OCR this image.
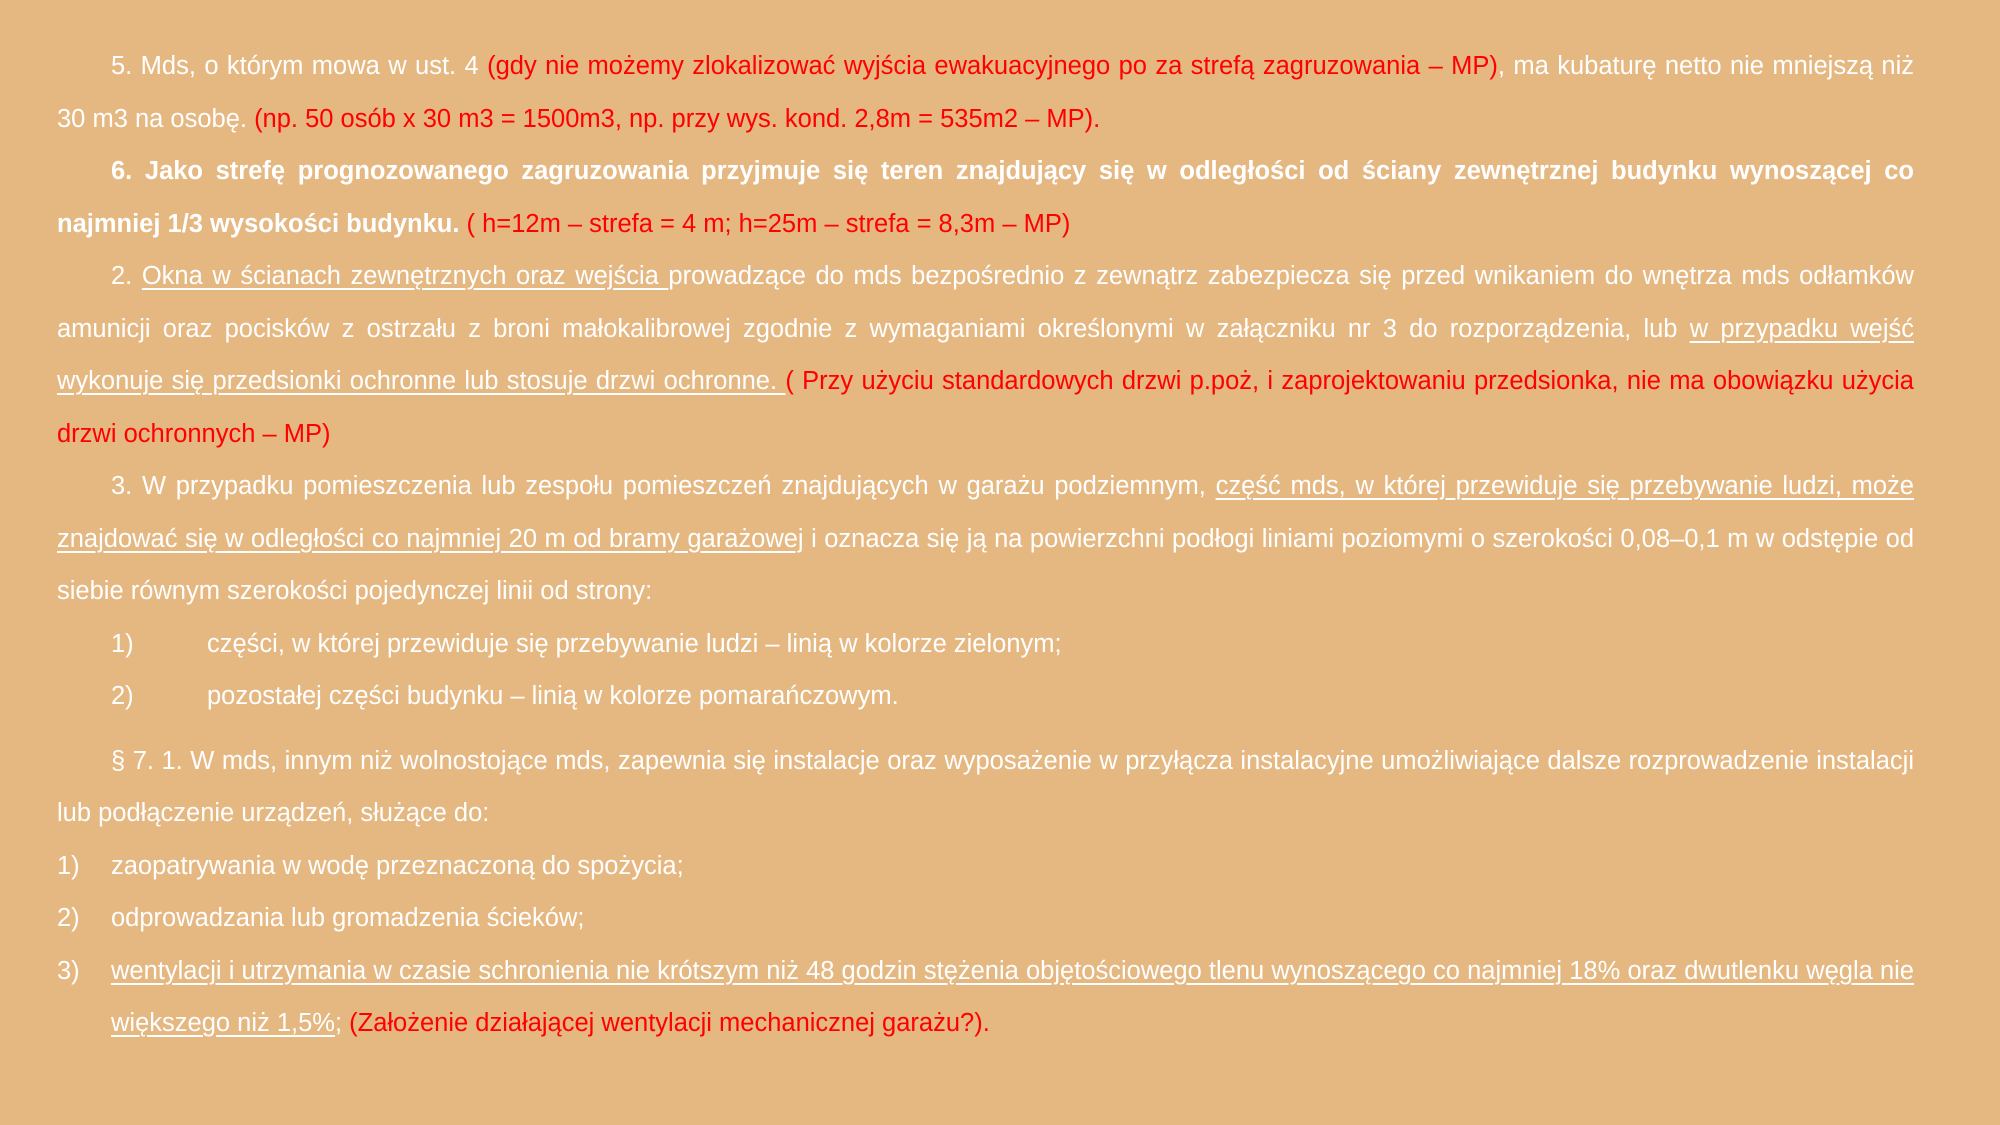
5. Mds, o którym mowa w ust. 4 (gdy nie możemy zlokalizować wyjścia ewakuacyjnego po za strefą zagruzowania – MP), ma kubaturę netto nie mniejszą niż 30 m3 na osobę. (np. 50 osób x 30 m3 = 1500m3, np. przy wys. kond. 2,8m = 535m2 – MP).

6. Jako strefę prognozowanego zagruzowania przyjmuje się teren znajdujący się w odległości od ściany zewnętrznej budynku wynoszącej co najmniej 1/3 wysokości budynku. ( h=12m – strefa = 4 m; h=25m – strefa = 8,3m – MP)

2. Okna w ścianach zewnętrznych oraz wejścia prowadzące do mds bezpośrednio z zewnątrz zabezpiecza się przed wnikaniem do wnętrza mds odłamków amunicji oraz pocisków z ostrzału z broni małokalibrowej zgodnie z wymaganiami określonymi w załączniku nr 3 do rozporządzenia, lub w przypadku wejść wykonuje się przedsionki ochronne lub stosuje drzwi ochronne. ( Przy użyciu standardowych drzwi p.poż, i zaprojektowaniu przedsionka, nie ma obowiązku użycia drzwi ochronnych – MP)

3. W przypadku pomieszczenia lub zespołu pomieszczeń znajdujących w garażu podziemnym, część mds, w której przewiduje się przebywanie ludzi, może znajdować się w odległości co najmniej 20 m od bramy garażowej i oznacza się ją na powierzchni podłogi liniami poziomymi o szerokości 0,08–0,1 m w odstępie od siebie równym szerokości pojedynczej linii od strony:

1)	części, w której przewiduje się przebywanie ludzi – linią w kolorze zielonym;
2)	pozostałej części budynku – linią w kolorze pomarańczowym.

§ 7. 1. W mds, innym niż wolnostojące mds, zapewnia się instalacje oraz wyposażenie w przyłącza instalacyjne umożliwiające dalsze rozprowadzenie instalacji lub podłączenie urządzeń, służące do:

1)	zaopatrywania w wodę przeznaczoną do spożycia;
2)	odprowadzania lub gromadzenia ścieków;
3)	wentylacji i utrzymania w czasie schronienia nie krótszym niż 48 godzin stężenia objętościowego tlenu wynoszącego co najmniej 18% oraz dwutlenku węgla nie większego niż 1,5%; (Założenie działającej wentylacji mechanicznej garażu?).
